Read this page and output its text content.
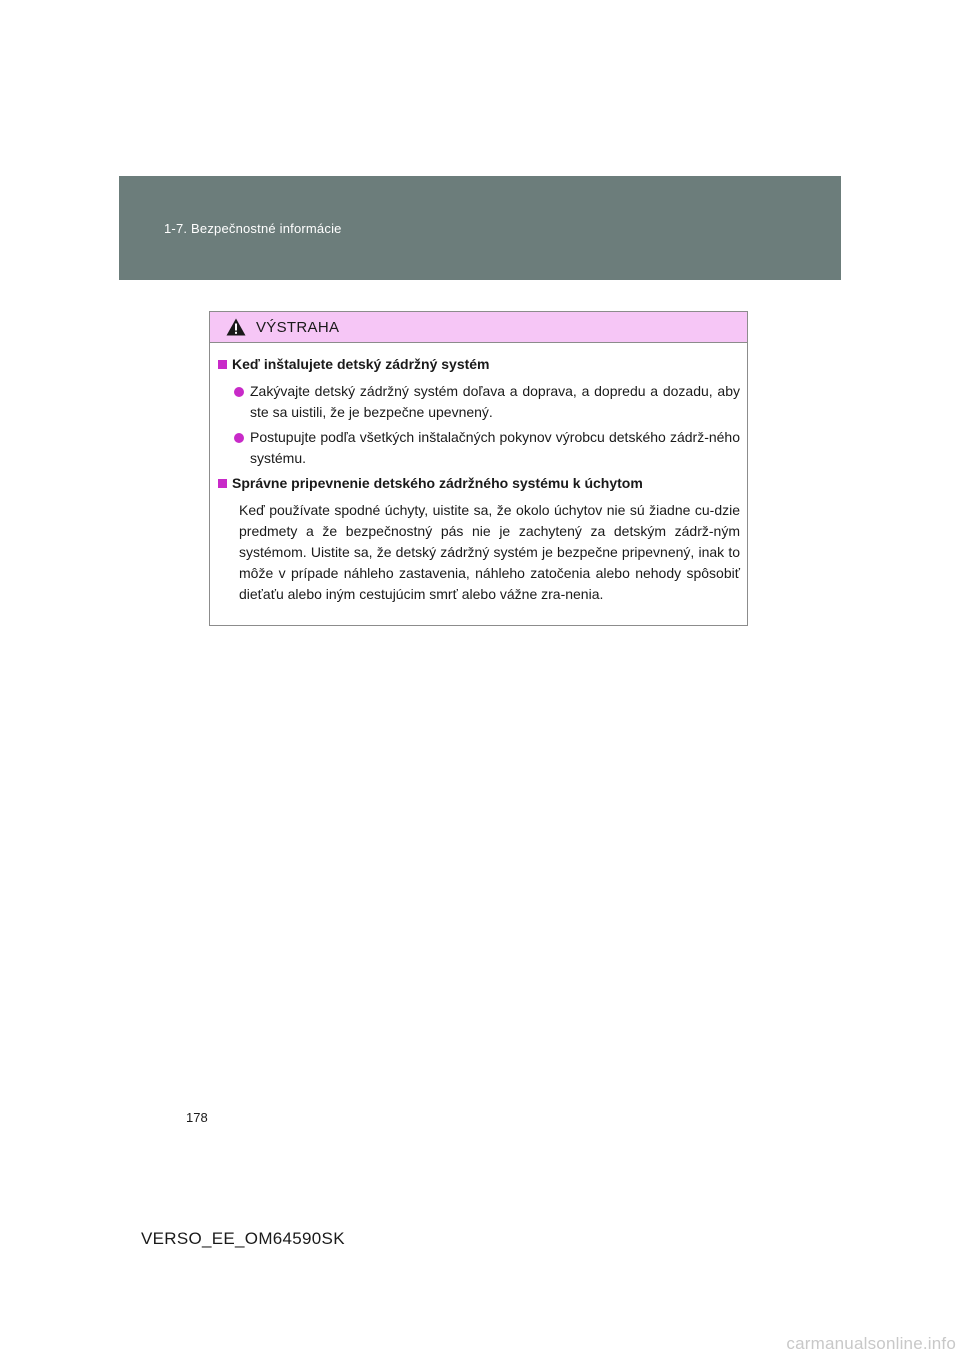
1-7. Bezpečnostné informácie
VÝSTRAHA
Keď inštalujete detský zádržný systém
Zakývajte detský zádržný systém doľava a doprava, a dopredu a dozadu, aby ste sa uistili, že je bezpečne upevnený.
Postupujte podľa všetkých inštalačných pokynov výrobcu detského zádrž-ného systému.
Správne pripevnenie detského zádržného systému k úchytom
Keď používate spodné úchyty, uistite sa, že okolo úchytov nie sú žiadne cu-dzie predmety a že bezpečnostný pás nie je zachytený za detským zádrž-ným systémom. Uistite sa, že detský zádržný systém je bezpečne pripevnený, inak to môže v prípade náhleho zastavenia, náhleho zatočenia alebo nehody spôsobiť dieťaťu alebo iným cestujúcim smrť alebo vážne zra-nenia.
178
VERSO_EE_OM64590SK
carmanualsonline.info
